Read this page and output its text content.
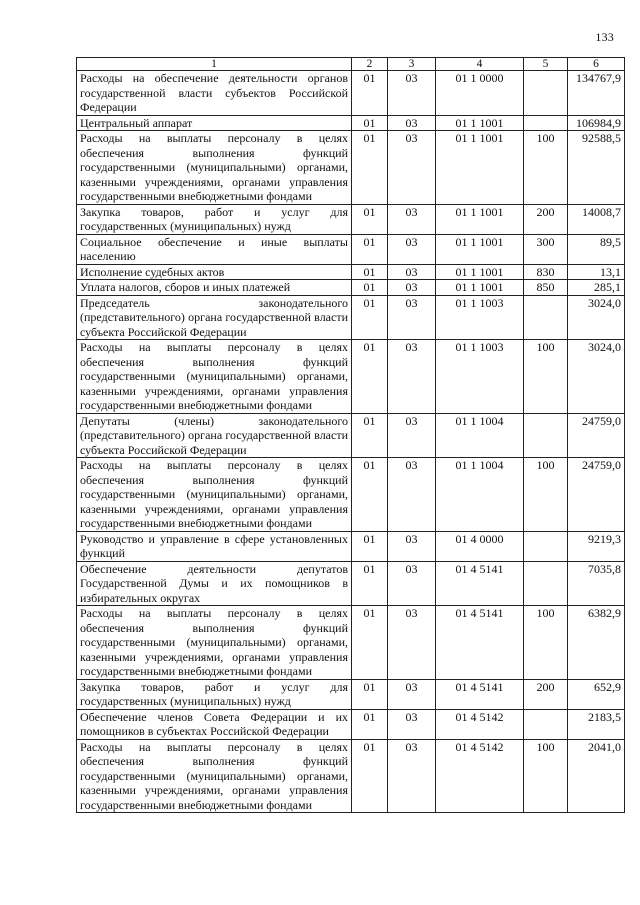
133
1	2	3	4	5	6
Расходы на обеспечение деятельности органов государственной власти субъектов Российской Федерации	01	03	01 1 0000		134767,9
Центральный аппарат	01	03	01 1 1001		106984,9
Расходы на выплаты персоналу в целях обеспечения выполнения функций государственными (муниципальными) органами, казенными учреждениями, органами управления государственными внебюджетными фондами	01	03	01 1 1001	100	92588,5
Закупка товаров, работ и услуг для государственных (муниципальных) нужд	01	03	01 1 1001	200	14008,7
Социальное обеспечение и иные выплаты населению	01	03	01 1 1001	300	89,5
Исполнение судебных актов	01	03	01 1 1001	830	13,1
Уплата налогов, сборов и иных платежей	01	03	01 1 1001	850	285,1
Председатель законодательного (представительного) органа государственной власти субъекта Российской Федерации	01	03	01 1 1003		3024,0
Расходы на выплаты персоналу в целях обеспечения выполнения функций государственными (муниципальными) органами, казенными учреждениями, органами управления государственными внебюджетными фондами	01	03	01 1 1003	100	3024,0
Депутаты (члены) законодательного (представительного) органа государственной власти субъекта Российской Федерации	01	03	01 1 1004		24759,0
Расходы на выплаты персоналу в целях обеспечения выполнения функций государственными (муниципальными) органами, казенными учреждениями, органами управления государственными внебюджетными фондами	01	03	01 1 1004	100	24759,0
Руководство и управление в сфере установленных функций	01	03	01 4 0000		9219,3
Обеспечение деятельности депутатов Государственной Думы и их помощников в избирательных округах	01	03	01 4 5141		7035,8
Расходы на выплаты персоналу в целях обеспечения выполнения функций государственными (муниципальными) органами, казенными учреждениями, органами управления государственными внебюджетными фондами	01	03	01 4 5141	100	6382,9
Закупка товаров, работ и услуг для государственных (муниципальных) нужд	01	03	01 4 5141	200	652,9
Обеспечение членов Совета Федерации и их помощников в субъектах Российской Федерации	01	03	01 4 5142		2183,5
Расходы на выплаты персоналу в целях обеспечения выполнения функций государственными (муниципальными) органами, казенными учреждениями, органами управления государственными внебюджетными фондами	01	03	01 4 5142	100	2041,0
